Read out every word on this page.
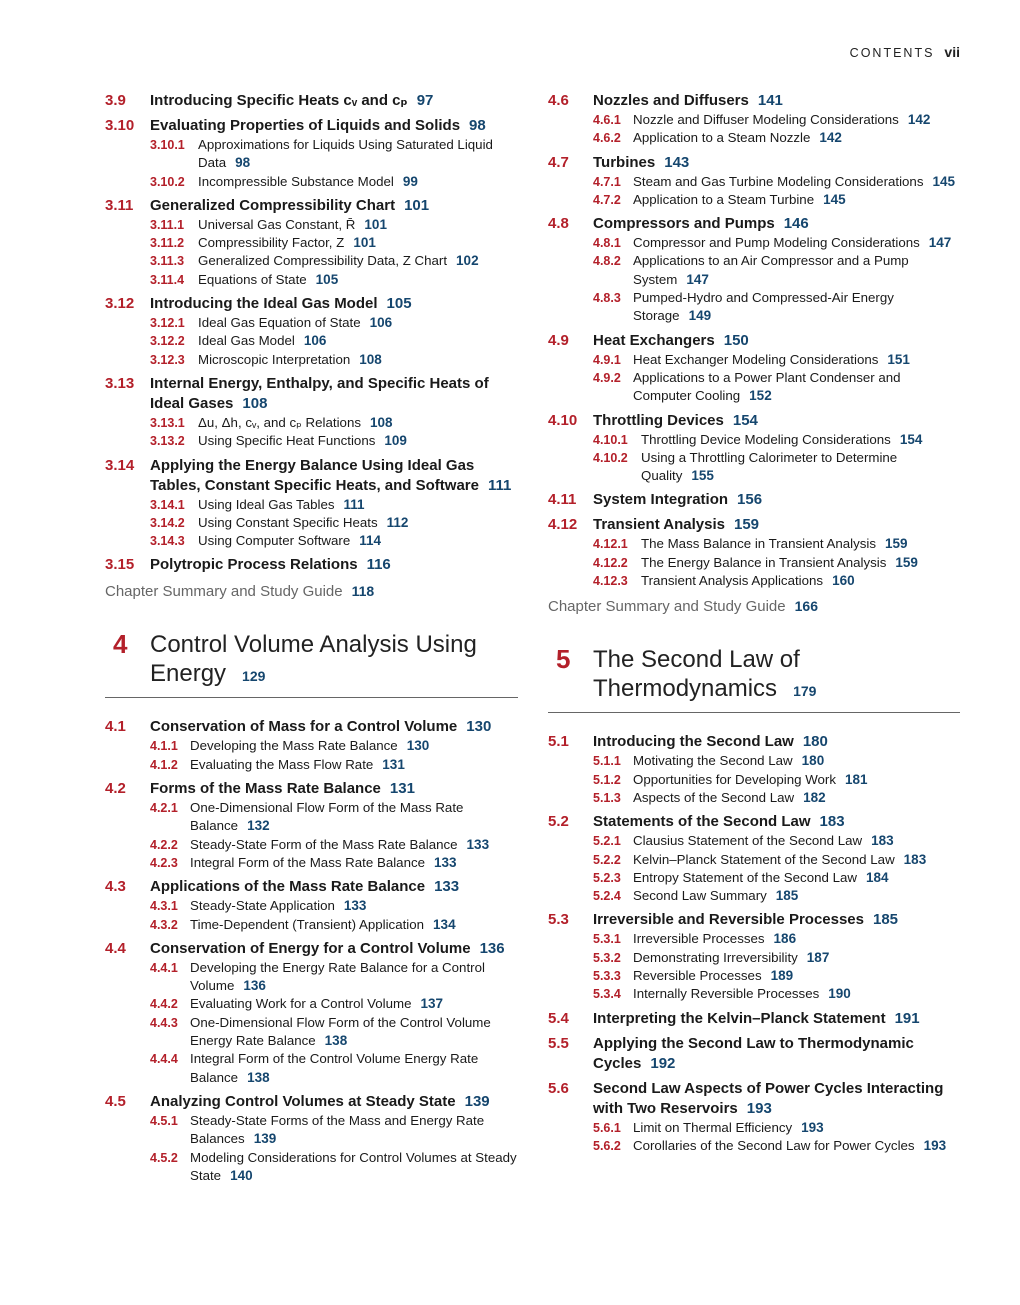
CONTENTS vii
3.9 Introducing Specific Heats cᵥ and cₚ 97
3.10 Evaluating Properties of Liquids and Solids 98
3.10.1 Approximations for Liquids Using Saturated Liquid Data 98
3.10.2 Incompressible Substance Model 99
3.11 Generalized Compressibility Chart 101
3.11.1 Universal Gas Constant, R̄ 101
3.11.2 Compressibility Factor, Z 101
3.11.3 Generalized Compressibility Data, Z Chart 102
3.11.4 Equations of State 105
3.12 Introducing the Ideal Gas Model 105
3.12.1 Ideal Gas Equation of State 106
3.12.2 Ideal Gas Model 106
3.12.3 Microscopic Interpretation 108
3.13 Internal Energy, Enthalpy, and Specific Heats of Ideal Gases 108
3.13.1 Δu, Δh, cᵥ, and cₚ Relations 108
3.13.2 Using Specific Heat Functions 109
3.14 Applying the Energy Balance Using Ideal Gas Tables, Constant Specific Heats, and Software 111
3.14.1 Using Ideal Gas Tables 111
3.14.2 Using Constant Specific Heats 112
3.14.3 Using Computer Software 114
3.15 Polytropic Process Relations 116
Chapter Summary and Study Guide 118
4 Control Volume Analysis Using Energy 129
4.1 Conservation of Mass for a Control Volume 130
4.1.1 Developing the Mass Rate Balance 130
4.1.2 Evaluating the Mass Flow Rate 131
4.2 Forms of the Mass Rate Balance 131
4.2.1 One-Dimensional Flow Form of the Mass Rate Balance 132
4.2.2 Steady-State Form of the Mass Rate Balance 133
4.2.3 Integral Form of the Mass Rate Balance 133
4.3 Applications of the Mass Rate Balance 133
4.3.1 Steady-State Application 133
4.3.2 Time-Dependent (Transient) Application 134
4.4 Conservation of Energy for a Control Volume 136
4.4.1 Developing the Energy Rate Balance for a Control Volume 136
4.4.2 Evaluating Work for a Control Volume 137
4.4.3 One-Dimensional Flow Form of the Control Volume Energy Rate Balance 138
4.4.4 Integral Form of the Control Volume Energy Rate Balance 138
4.5 Analyzing Control Volumes at Steady State 139
4.5.1 Steady-State Forms of the Mass and Energy Rate Balances 139
4.5.2 Modeling Considerations for Control Volumes at Steady State 140
4.6 Nozzles and Diffusers 141
4.6.1 Nozzle and Diffuser Modeling Considerations 142
4.6.2 Application to a Steam Nozzle 142
4.7 Turbines 143
4.7.1 Steam and Gas Turbine Modeling Considerations 145
4.7.2 Application to a Steam Turbine 145
4.8 Compressors and Pumps 146
4.8.1 Compressor and Pump Modeling Considerations 147
4.8.2 Applications to an Air Compressor and a Pump System 147
4.8.3 Pumped-Hydro and Compressed-Air Energy Storage 149
4.9 Heat Exchangers 150
4.9.1 Heat Exchanger Modeling Considerations 151
4.9.2 Applications to a Power Plant Condenser and Computer Cooling 152
4.10 Throttling Devices 154
4.10.1 Throttling Device Modeling Considerations 154
4.10.2 Using a Throttling Calorimeter to Determine Quality 155
4.11 System Integration 156
4.12 Transient Analysis 159
4.12.1 The Mass Balance in Transient Analysis 159
4.12.2 The Energy Balance in Transient Analysis 159
4.12.3 Transient Analysis Applications 160
Chapter Summary and Study Guide 166
5 The Second Law of Thermodynamics 179
5.1 Introducing the Second Law 180
5.1.1 Motivating the Second Law 180
5.1.2 Opportunities for Developing Work 181
5.1.3 Aspects of the Second Law 182
5.2 Statements of the Second Law 183
5.2.1 Clausius Statement of the Second Law 183
5.2.2 Kelvin–Planck Statement of the Second Law 183
5.2.3 Entropy Statement of the Second Law 184
5.2.4 Second Law Summary 185
5.3 Irreversible and Reversible Processes 185
5.3.1 Irreversible Processes 186
5.3.2 Demonstrating Irreversibility 187
5.3.3 Reversible Processes 189
5.3.4 Internally Reversible Processes 190
5.4 Interpreting the Kelvin–Planck Statement 191
5.5 Applying the Second Law to Thermodynamic Cycles 192
5.6 Second Law Aspects of Power Cycles Interacting with Two Reservoirs 193
5.6.1 Limit on Thermal Efficiency 193
5.6.2 Corollaries of the Second Law for Power Cycles 193
